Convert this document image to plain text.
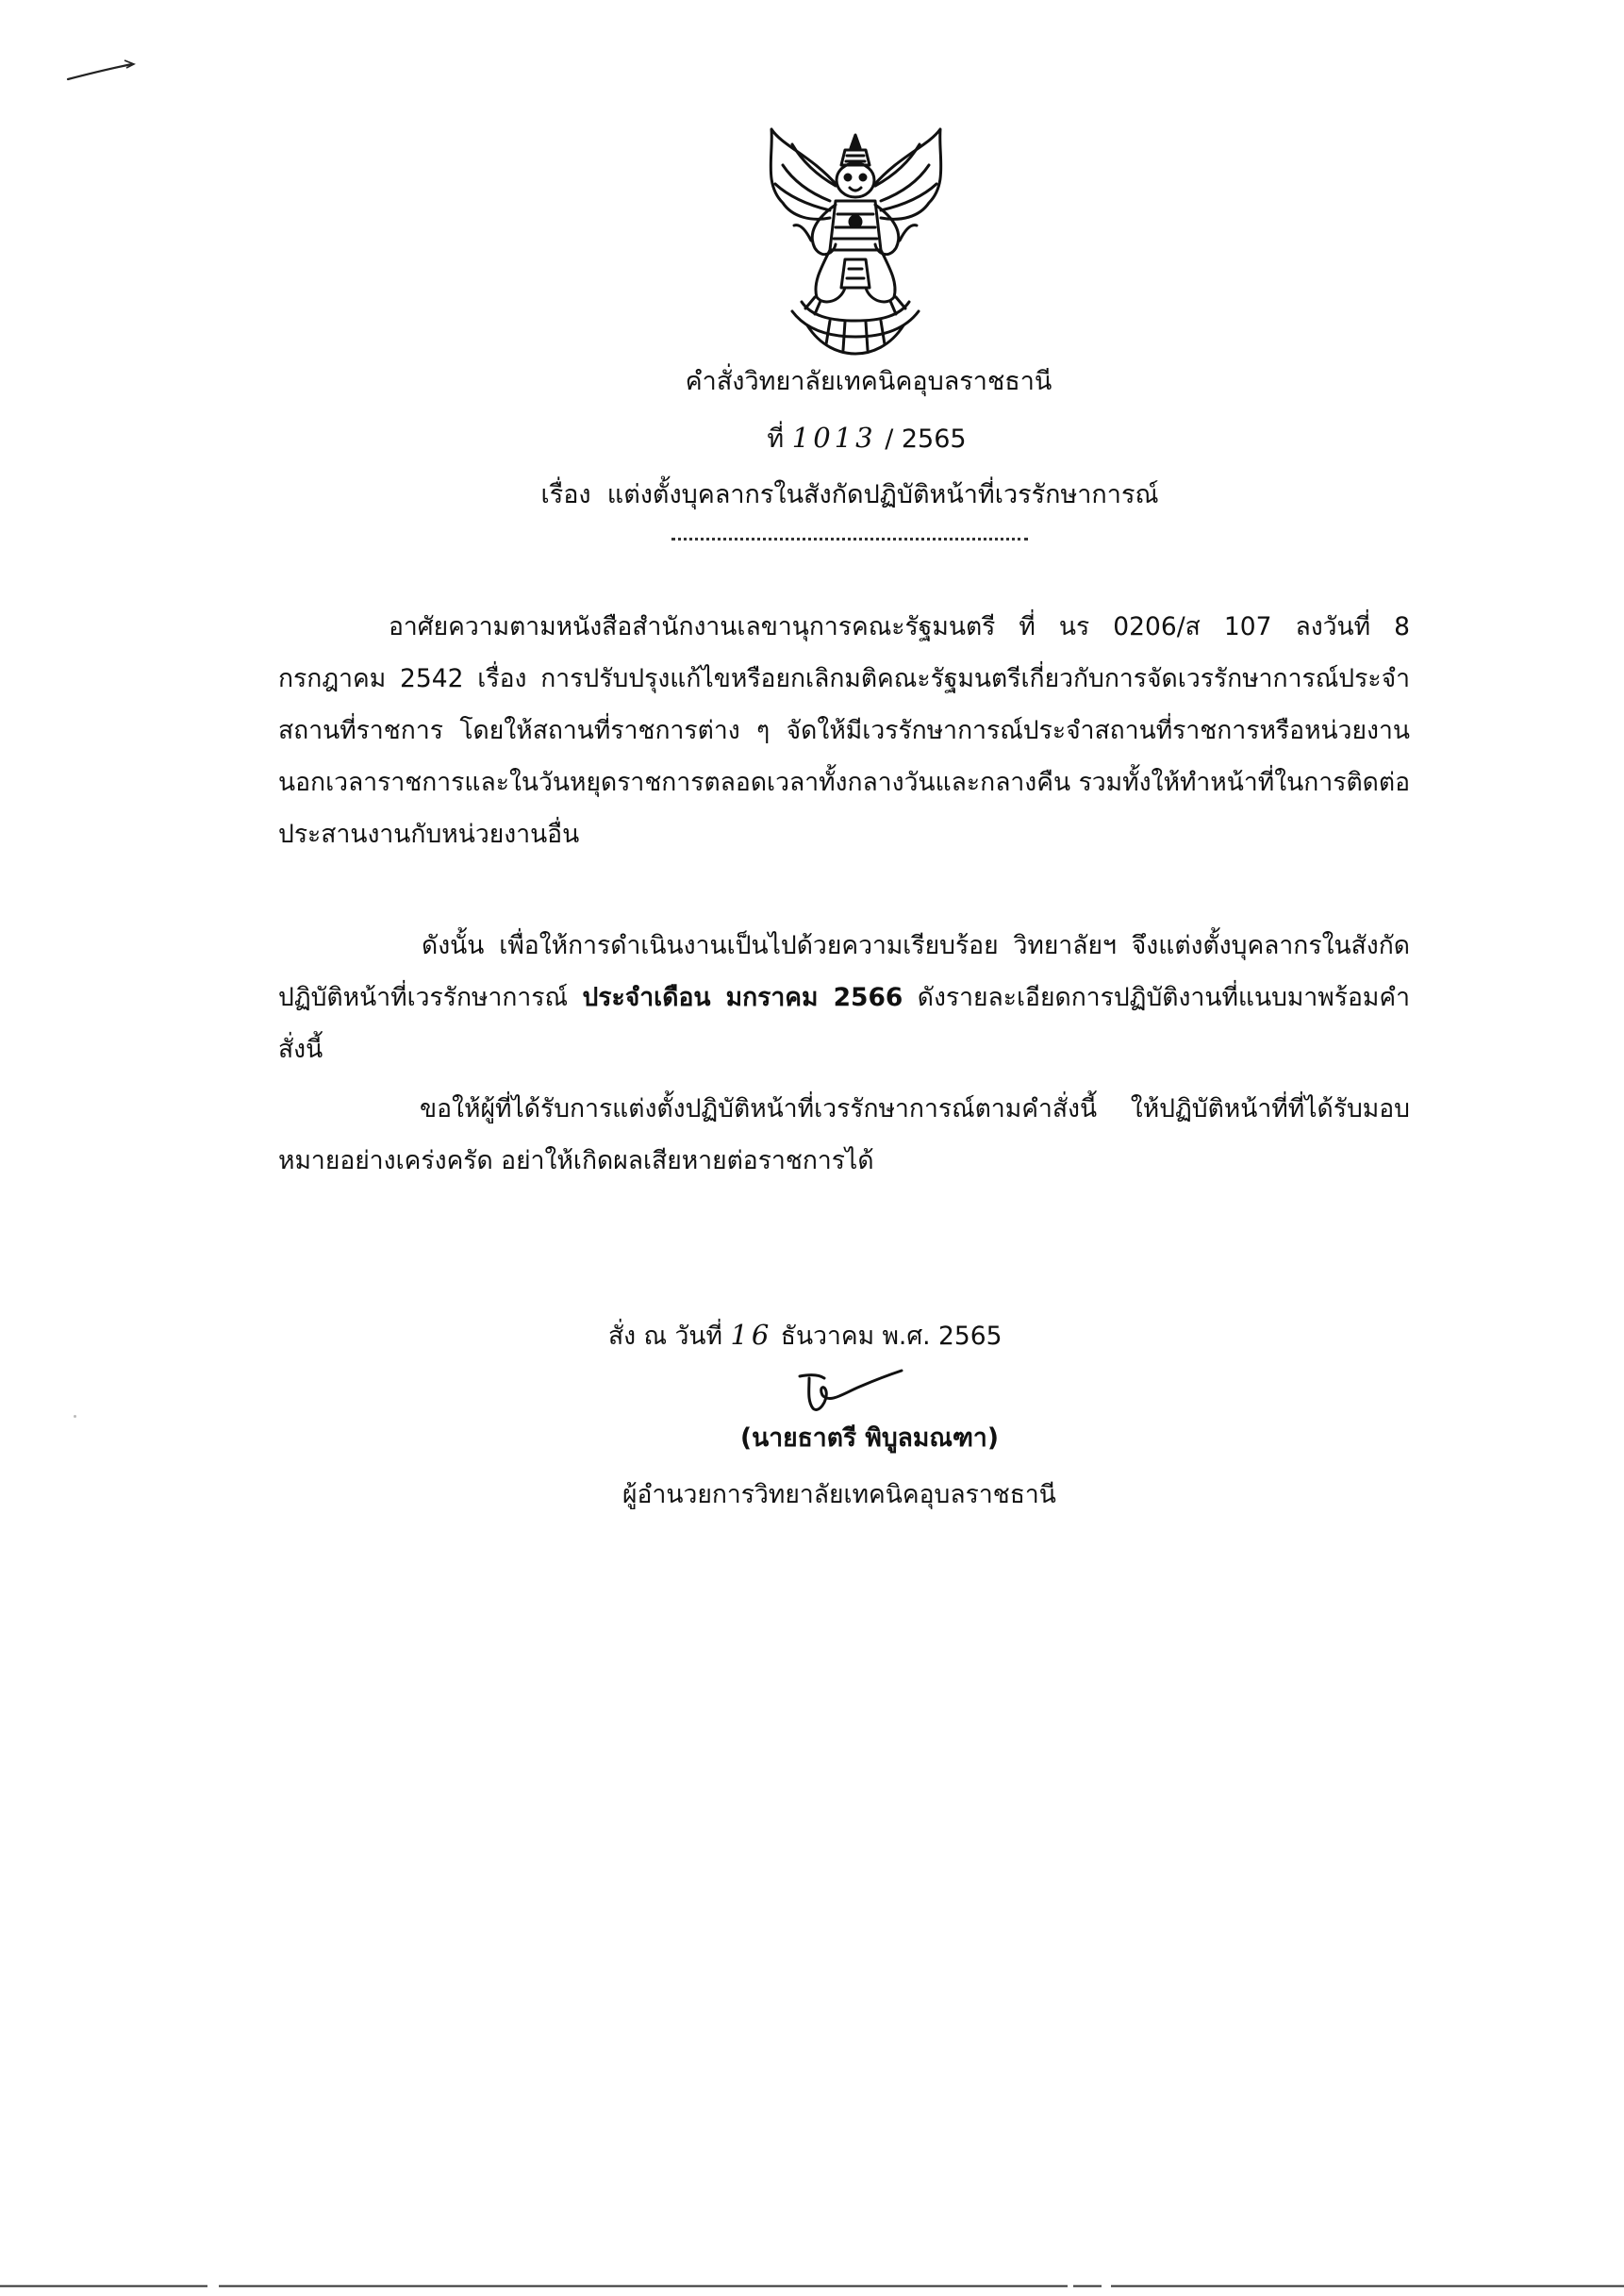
คำสั่งวิทยาลัยเทคนิคอุบลราชธานี
ที่ 1013 / 2565
เรื่อง แต่งตั้งบุคลากรในสังกัดปฏิบัติหน้าที่เวรรักษาการณ์
อาศัยความตามหนังสือสำนักงานเลขานุการคณะรัฐมนตรี ที่ นร 0206/ส 107 ลงวันที่ 8 กรกฎาคม 2542 เรื่อง การปรับปรุงแก้ไขหรือยกเลิกมติคณะรัฐมนตรีเกี่ยวกับการจัดเวรรักษาการณ์ประจำสถานที่ราชการ โดยให้สถานที่ราชการต่าง ๆ จัดให้มีเวรรักษาการณ์ประจำสถานที่ราชการหรือหน่วยงานนอกเวลาราชการและในวันหยุดราชการตลอดเวลาทั้งกลางวันและกลางคืน รวมทั้งให้ทำหน้าที่ในการติดต่อประสานงานกับหน่วยงานอื่น
ดังนั้น เพื่อให้การดำเนินงานเป็นไปด้วยความเรียบร้อย วิทยาลัยฯ จึงแต่งตั้งบุคลากรในสังกัดปฏิบัติหน้าที่เวรรักษาการณ์ ประจำเดือน มกราคม 2566 ดังรายละเอียดการปฏิบัติงานที่แนบมาพร้อมคำสั่งนี้
ขอให้ผู้ที่ได้รับการแต่งตั้งปฏิบัติหน้าที่เวรรักษาการณ์ตามคำสั่งนี้ ให้ปฏิบัติหน้าที่ที่ได้รับมอบหมายอย่างเคร่งครัด อย่าให้เกิดผลเสียหายต่อราชการได้
สั่ง ณ วันที่ 16 ธันวาคม พ.ศ. 2565
(นายธาตรี พิบูลมณฑา)
ผู้อำนวยการวิทยาลัยเทคนิคอุบลราชธานี
